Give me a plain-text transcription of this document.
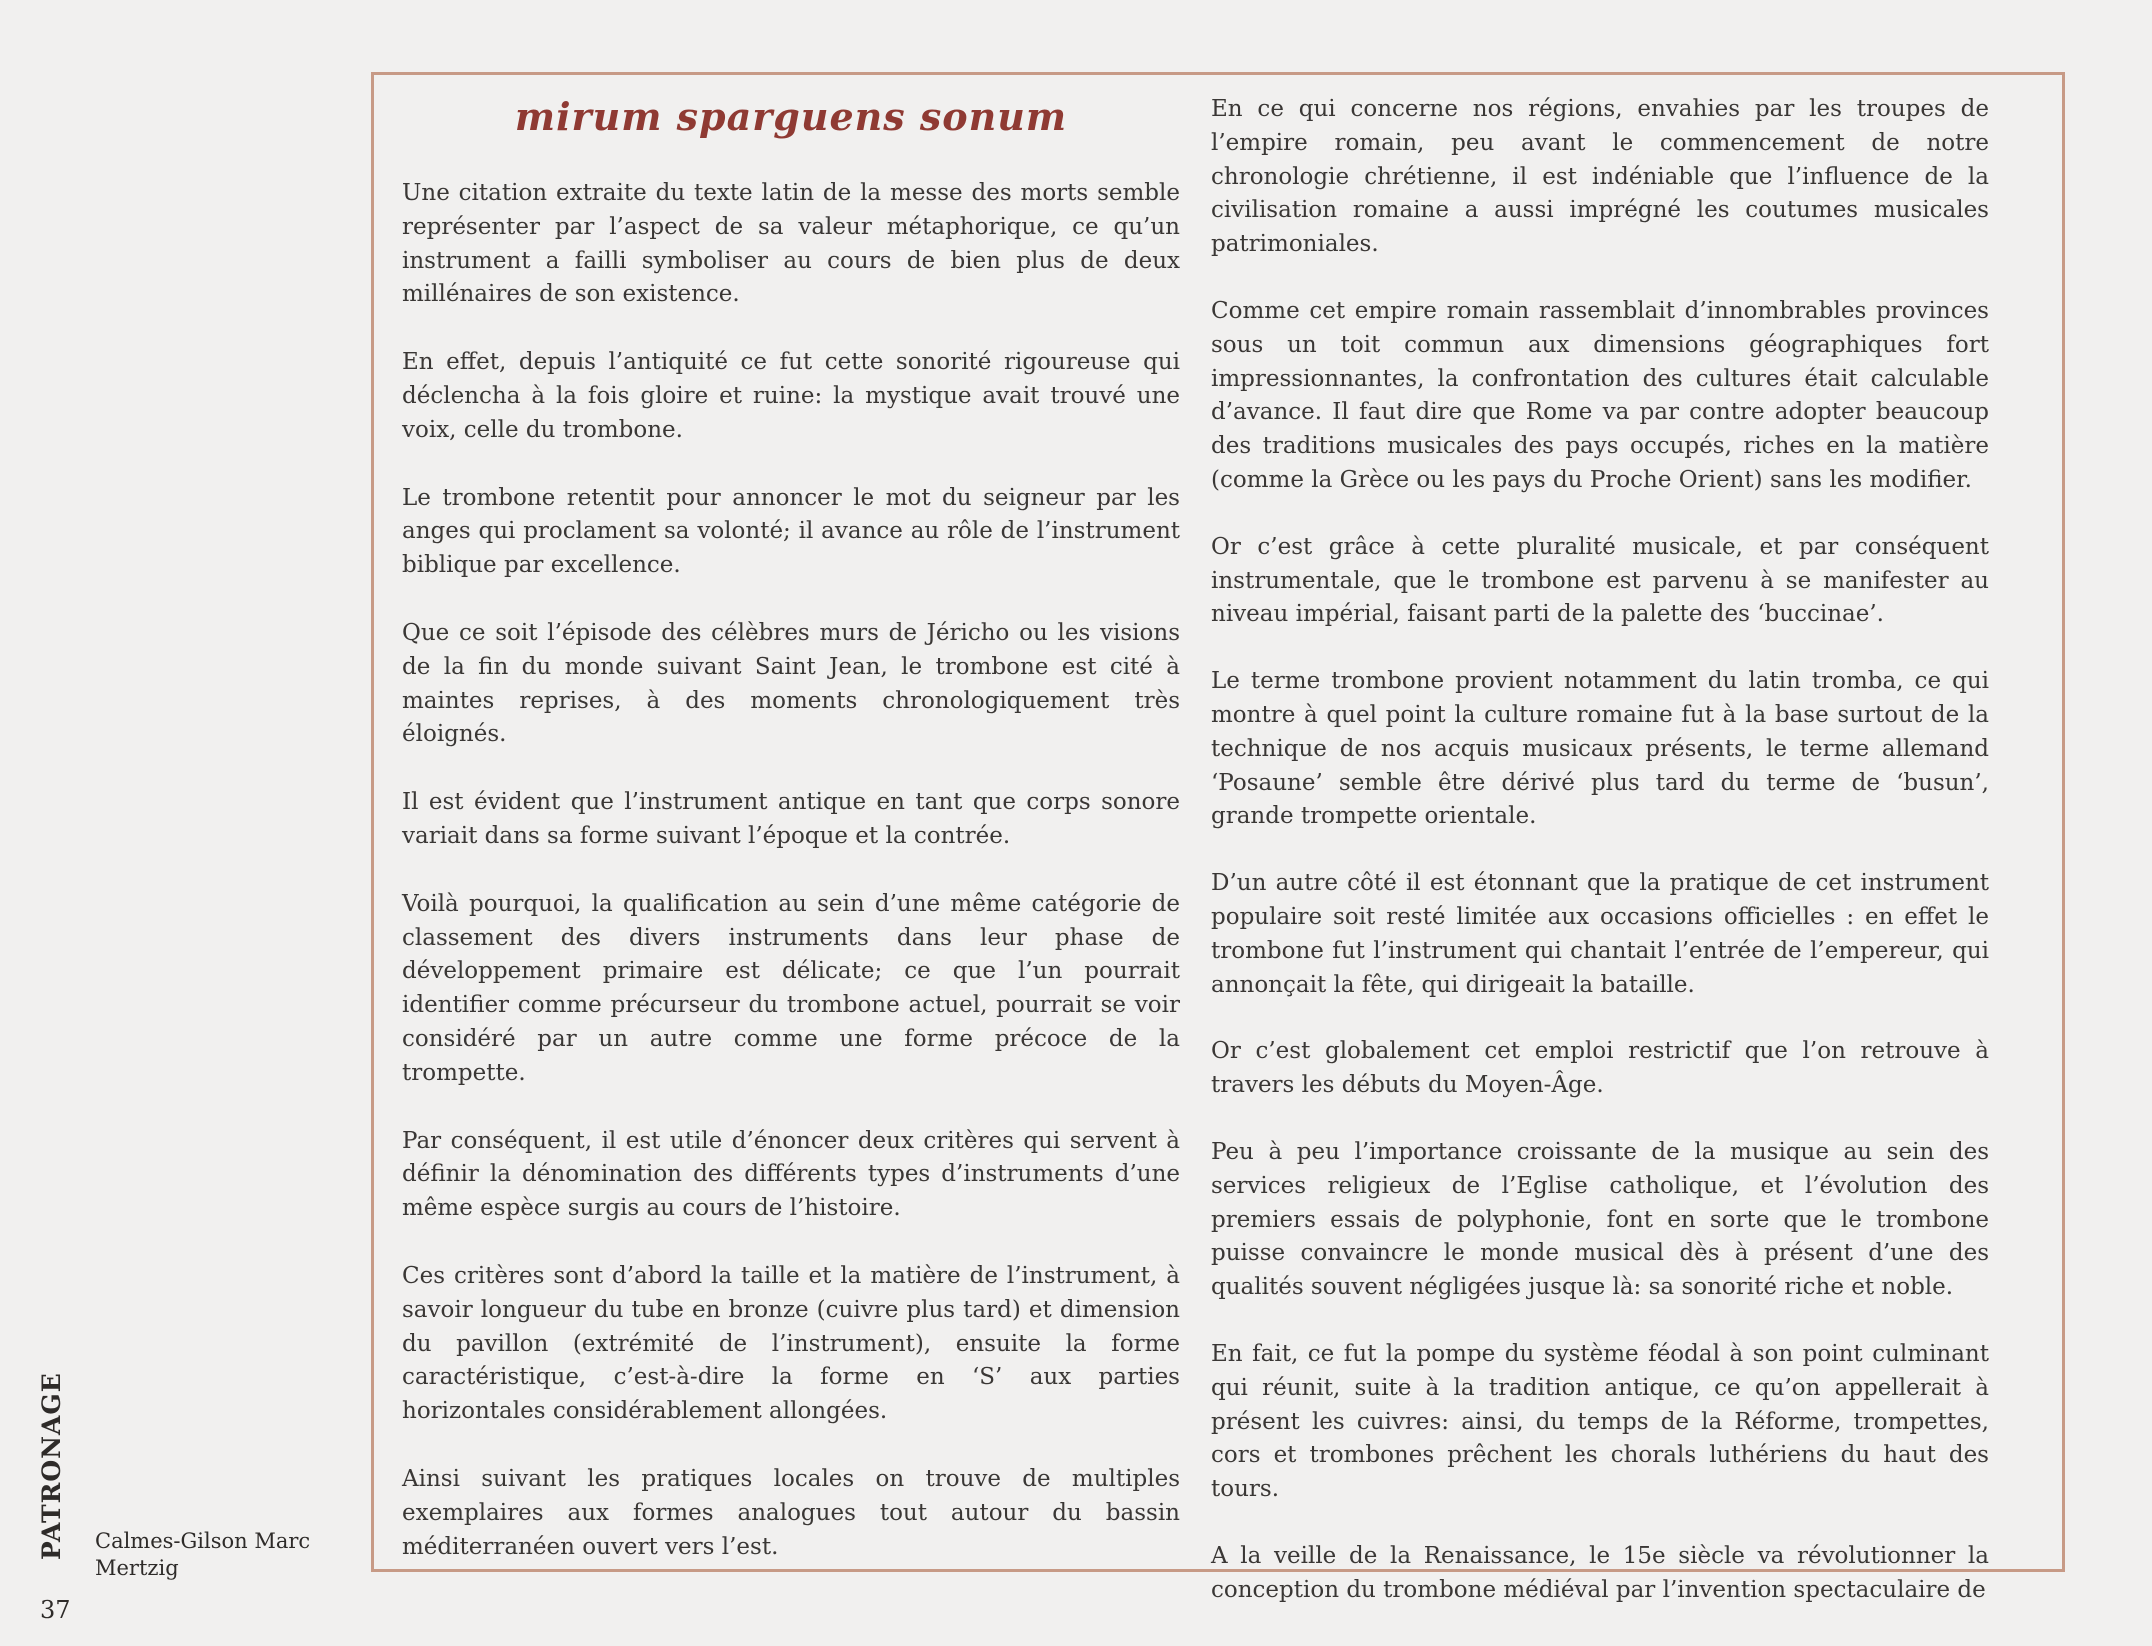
mirum sparguens sonum

Une citation extraite du texte latin de la messe des morts semble représenter par l’aspect de sa valeur métaphorique, ce qu’un instrument a failli symboliser au cours de bien plus de deux millénaires de son existence.

En effet, depuis l’antiquité ce fut cette sonorité rigoureuse qui déclencha à la fois gloire et ruine: la mystique avait trouvé une voix, celle du trombone.

Le trombone retentit pour annoncer le mot du seigneur par les anges qui proclament sa volonté; il avance au rôle de l’instrument biblique par excellence.

Que ce soit l’épisode des célèbres murs de Jéricho ou les visions de la fin du monde suivant Saint Jean, le trombone est cité à maintes reprises, à des moments chronologiquement très éloignés.

Il est évident que l’instrument antique en tant que corps sonore variait dans sa forme suivant l’époque et la contrée.

Voilà pourquoi, la qualification au sein d’une même catégorie de classement des divers instruments dans leur phase de développement primaire est délicate; ce que l’un pourrait identifier comme précurseur du trombone actuel, pourrait se voir considéré par un autre comme une forme précoce de la trompette.

Par conséquent, il est utile d’énoncer deux critères qui servent à définir la dénomination des différents types d’instruments d’une même espèce surgis au cours de l’histoire.

Ces critères sont d’abord la taille et la matière de l’instrument, à savoir longueur du tube en bronze (cuivre plus tard) et dimension du pavillon (extrémité de l’instrument), ensuite la forme caractéristique, c’est-à-dire la forme en ‘S’ aux parties horizontales considérablement allongées.

Ainsi suivant les pratiques locales on trouve de multiples exemplaires aux formes analogues tout autour du bassin méditerranéen ouvert vers l’est.

En ce qui concerne nos régions, envahies par les troupes de l’empire romain, peu avant le commencement de notre chronologie chrétienne, il est indéniable que l’influence de la civilisation romaine a aussi imprégné les coutumes musicales patrimoniales.

Comme cet empire romain rassemblait d’innombrables provinces sous un toit commun aux dimensions géographiques fort impressionnantes, la confrontation des cultures était calculable d’avance. Il faut dire que Rome va par contre adopter beaucoup des traditions musicales des pays occupés, riches en la matière (comme la Grèce ou les pays du Proche Orient) sans les modifier.

Or c’est grâce à cette pluralité musicale, et par conséquent instrumentale, que le trombone est parvenu à se manifester au niveau impérial, faisant parti de la palette des ‘buccinae’.

Le terme trombone provient notamment du latin tromba, ce qui montre à quel point la culture romaine fut à la base surtout de la technique de nos acquis musicaux présents, le terme allemand ‘Posaune’ semble être dérivé plus tard du terme de ‘busun’, grande trompette orientale.

D’un autre côté il est étonnant que la pratique de cet instrument populaire soit resté limitée aux occasions officielles : en effet le trombone fut l’instrument qui chantait l’entrée de l’empereur, qui annonçait la fête, qui dirigeait la bataille.

Or c’est globalement cet emploi restrictif que l’on retrouve à travers les débuts du Moyen-Âge.

Peu à peu l’importance croissante de la musique au sein des services religieux de l’Eglise catholique, et l’évolution des premiers essais de polyphonie, font en sorte que le trombone puisse convaincre le monde musical dès à présent d’une des qualités souvent négligées jusque là: sa sonorité riche et noble.

En fait, ce fut la pompe du système féodal à son point culminant qui réunit, suite à la tradition antique, ce qu’on appellerait à présent les cuivres: ainsi, du temps de la Réforme, trompettes, cors et trombones prêchent les chorals luthériens du haut des tours.

A la veille de la Renaissance, le 15e siècle va révolutionner la conception du trombone médiéval par l’invention spectaculaire de

PATRONAGE Calmes-Gilson Marc
Mertzig
37
